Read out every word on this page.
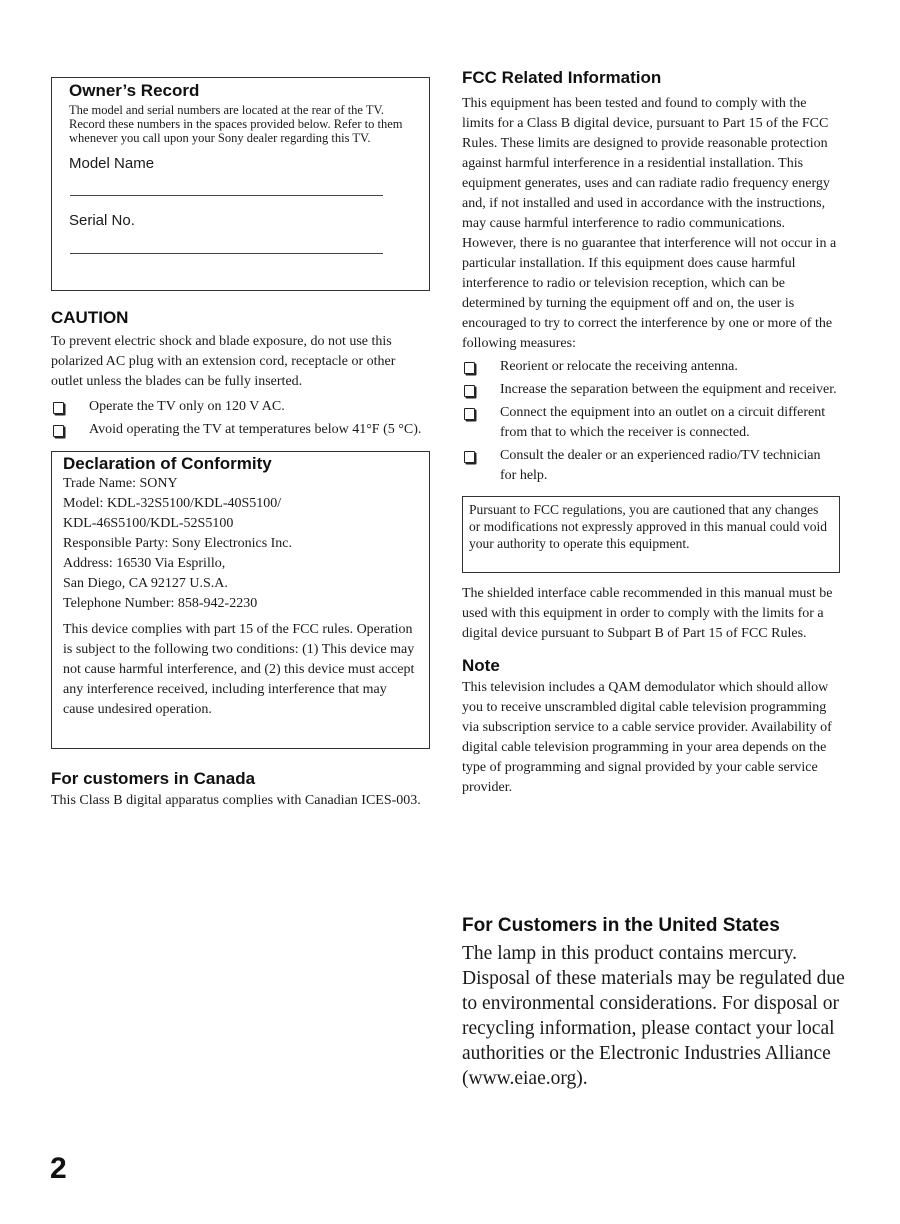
Owner’s Record

The model and serial numbers are located at the rear of the TV. Record these numbers in the spaces provided below. Refer to them whenever you call upon your Sony dealer regarding this TV.

Model Name
Serial No.
CAUTION

To prevent electric shock and blade exposure, do not use this polarized AC plug with an extension cord, receptacle or other outlet unless the blades can be fully inserted.

Operate the TV only on 120 V AC.
Avoid operating the TV at temperatures below 41°F (5 °C).
Declaration of Conformity
Trade Name: SONY
Model: KDL-32S5100/KDL-40S5100/
KDL-46S5100/KDL-52S5100
Responsible Party: Sony Electronics Inc.
Address: 16530 Via Esprillo,
San Diego, CA 92127 U.S.A.
Telephone Number: 858-942-2230

This device complies with part 15 of the FCC rules. Operation is subject to the following two conditions: (1) This device may not cause harmful interference, and (2) this device must accept any interference received, including interference that may cause undesired operation.

For customers in Canada

This Class B digital apparatus complies with Canadian ICES-003.

FCC Related Information

This equipment has been tested and found to comply with the limits for a Class B digital device, pursuant to Part 15 of the FCC Rules. These limits are designed to provide reasonable protection against harmful interference in a residential installation. This equipment generates, uses and can radiate radio frequency energy and, if not installed and used in accordance with the instructions, may cause harmful interference to radio communications. However, there is no guarantee that interference will not occur in a particular installation. If this equipment does cause harmful interference to radio or television reception, which can be determined by turning the equipment off and on, the user is encouraged to try to correct the interference by one or more of the following measures:

Reorient or relocate the receiving antenna.
Increase the separation between the equipment and receiver.
Connect the equipment into an outlet on a circuit different from that to which the receiver is connected.
Consult the dealer or an experienced radio/TV technician for help.

Pursuant to FCC regulations, you are cautioned that any changes or modifications not expressly approved in this manual could void your authority to operate this equipment.

The shielded interface cable recommended in this manual must be used with this equipment in order to comply with the limits for a digital device pursuant to Subpart B of Part 15 of FCC Rules.

Note

This television includes a QAM demodulator which should allow you to receive unscrambled digital cable television programming via subscription service to a cable service provider. Availability of digital cable television programming in your area depends on the type of programming and signal provided by your cable service provider.

For Customers in the United States

The lamp in this product contains mercury. Disposal of these materials may be regulated due to environmental considerations. For disposal or recycling information, please contact your local authorities or the Electronic Industries Alliance (www.eiae.org).

2
